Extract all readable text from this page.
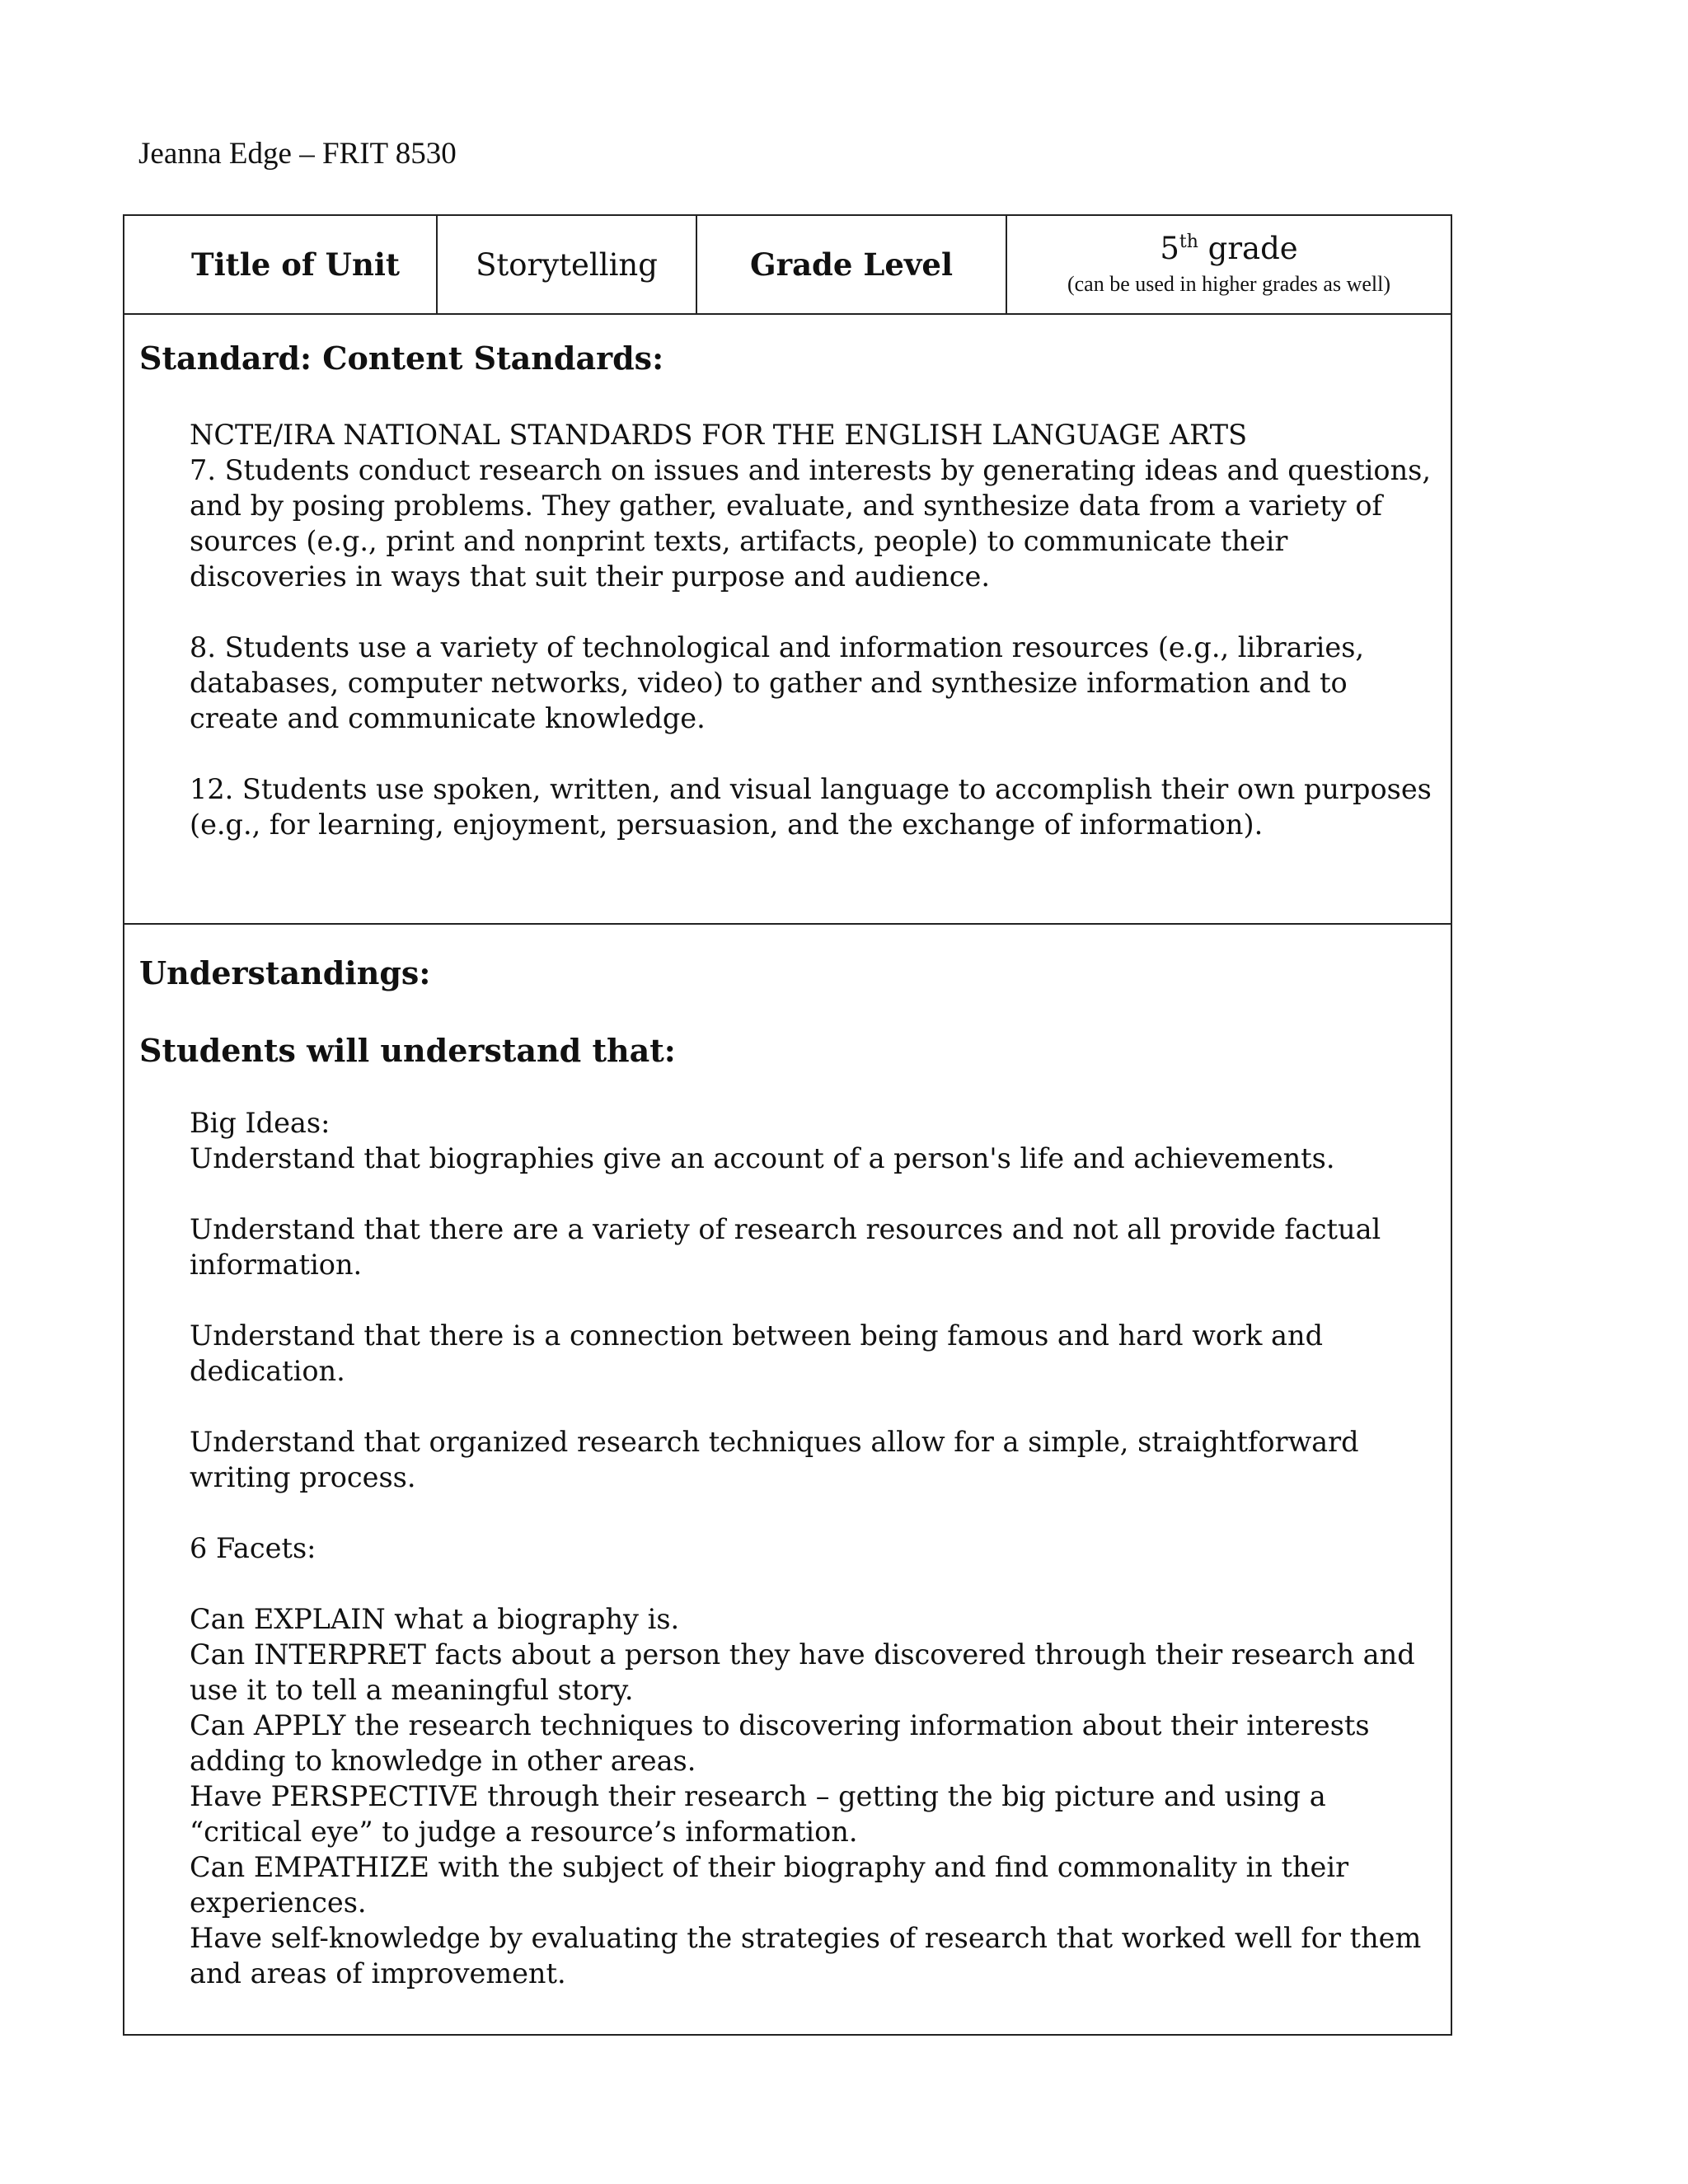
Jeanna Edge – FRIT 8530
Title of Unit	Storytelling	Grade Level	5th grade
(can be used in higher grades as well)

Standard: Content Standards:

NCTE/IRA NATIONAL STANDARDS FOR THE ENGLISH LANGUAGE ARTS

7. Students conduct research on issues and interests by generating ideas and questions, and by posing problems. They gather, evaluate, and synthesize data from a variety of sources (e.g., print and nonprint texts, artifacts, people) to communicate their discoveries in ways that suit their purpose and audience.

8. Students use a variety of technological and information resources (e.g., libraries, databases, computer networks, video) to gather and synthesize information and to create and communicate knowledge.

12. Students use spoken, written, and visual language to accomplish their own purposes (e.g., for learning, enjoyment, persuasion, and the exchange of information).

Understandings:

Students will understand that:

Big Ideas:

Understand that biographies give an account of a person's life and achievements.

Understand that there are a variety of research resources and not all provide factual information.

Understand that there is a connection between being famous and hard work and dedication.

Understand that organized research techniques allow for a simple, straightforward writing process.

6 Facets:

Can EXPLAIN what a biography is.

Can INTERPRET facts about a person they have discovered through their research and use it to tell a meaningful story.

Can APPLY the research techniques to discovering information about their interests adding to knowledge in other areas.

Have PERSPECTIVE through their research – getting the big picture and using a “critical eye” to judge a resource’s information.

Can EMPATHIZE with the subject of their biography and find commonality in their experiences.

Have self-knowledge by evaluating the strategies of research that worked well for them and areas of improvement.
